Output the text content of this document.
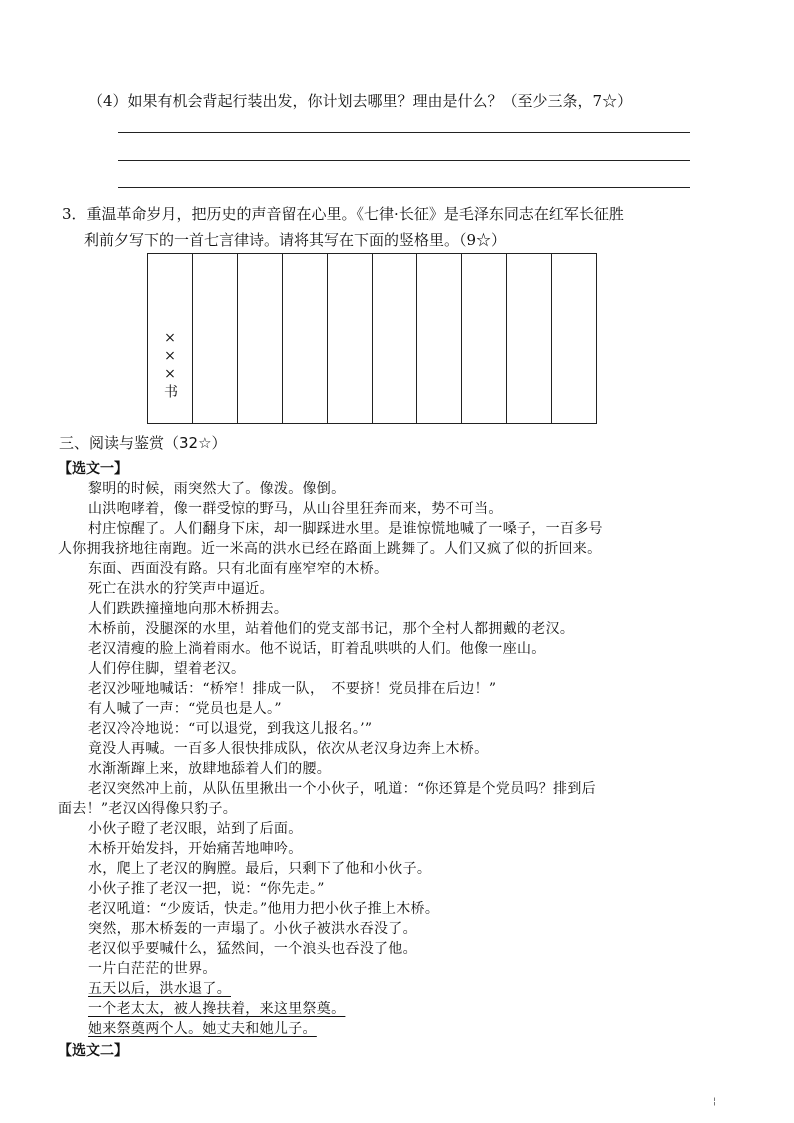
（4）如果有机会背起行装出发，你计划去哪里？理由是什么？（至少三条，7☆）
3．重温革命岁月，把历史的声音留在心里。《七律·长征》是毛泽东同志在红军长征胜
利前夕写下的一首七言律诗。请将其写在下面的竖格里。（9☆）
×××书
三、阅读与鉴赏（32☆）
【选文一】
黎明的时候，雨突然大了。像泼。像倒。
山洪咆哮着，像一群受惊的野马，从山谷里狂奔而来，势不可当。
村庄惊醒了。人们翻身下床，却一脚踩进水里。是谁惊慌地喊了一嗓子，一百多号
人你拥我挤地往南跑。近一米高的洪水已经在路面上跳舞了。人们又疯了似的折回来。
东面、西面没有路。只有北面有座窄窄的木桥。
死亡在洪水的狞笑声中逼近。
人们跌跌撞撞地向那木桥拥去。
木桥前，没腿深的水里，站着他们的党支部书记，那个全村人都拥戴的老汉。
老汉清瘦的脸上淌着雨水。他不说话，盯着乱哄哄的人们。他像一座山。
人们停住脚，望着老汉。
老汉沙哑地喊话：“桥窄！排成一队，　不要挤！党员排在后边！”
有人喊了一声：“党员也是人。”
老汉冷冷地说：“可以退党，到我这儿报名。’”
竟没人再喊。一百多人很快排成队，依次从老汉身边奔上木桥。
水渐渐蹿上来，放肆地舔着人们的腰。
老汉突然冲上前，从队伍里揪出一个小伙子，吼道：“你还算是个党员吗？排到后
面去！”老汉凶得像只豹子。
小伙子瞪了老汉眼，站到了后面。
木桥开始发抖，开始痛苦地呻吟。
水，爬上了老汉的胸膛。最后，只剩下了他和小伙子。
小伙子推了老汉一把，说：“你先走。”
老汉吼道：“少废话，快走。”他用力把小伙子推上木桥。
突然，那木桥轰的一声塌了。小伙子被洪水吞没了。
老汉似乎要喊什么，猛然间，一个浪头也吞没了他。
一片白茫茫的世界。
五天以后，洪水退了。
一个老太太，被人搀扶着，来这里祭奠。
她来祭奠两个人。她丈夫和她儿子。
【选文二】
¦
